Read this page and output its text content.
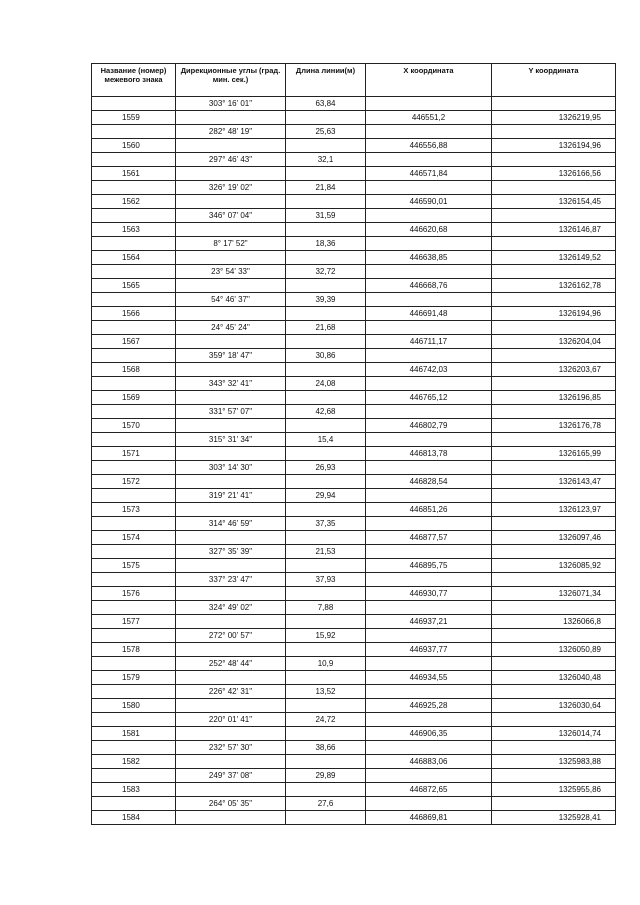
Название (номер) межевого знака	Дирекционные углы (град. мин. сек.)	Длина линии(м)	X координата	Y координата
	303° 16' 01"	63,84		
1559			446551,2	1326219,95
	282° 48' 19"	25,63		
1560			446556,88	1326194,96
	297° 46' 43"	32,1		
1561			446571,84	1326166,56
	326° 19' 02"	21,84		
1562			446590,01	1326154,45
	346° 07' 04"	31,59		
1563			446620,68	1326146,87
	8° 17' 52"	18,36		
1564			446638,85	1326149,52
	23° 54' 33"	32,72		
1565			446668,76	1326162,78
	54° 46' 37"	39,39		
1566			446691,48	1326194,96
	24° 45' 24"	21,68		
1567			446711,17	1326204,04
	359° 18' 47"	30,86		
1568			446742,03	1326203,67
	343° 32' 41"	24,08		
1569			446765,12	1326196,85
	331° 57' 07"	42,68		
1570			446802,79	1326176,78
	315° 31' 34"	15,4		
1571			446813,78	1326165,99
	303° 14' 30"	26,93		
1572			446828,54	1326143,47
	319° 21' 41"	29,94		
1573			446851,26	1326123,97
	314° 46' 59"	37,35		
1574			446877,57	1326097,46
	327° 35' 39"	21,53		
1575			446895,75	1326085,92
	337° 23' 47"	37,93		
1576			446930,77	1326071,34
	324° 49' 02"	7,88		
1577			446937,21	1326066,8
	272° 00' 57"	15,92		
1578			446937,77	1326050,89
	252° 48' 44"	10,9		
1579			446934,55	1326040,48
	226° 42' 31"	13,52		
1580			446925,28	1326030,64
	220° 01' 41"	24,72		
1581			446906,35	1326014,74
	232° 57' 30"	38,66		
1582			446883,06	1325983,88
	249° 37' 08"	29,89		
1583			446872,65	1325955,86
	264° 05' 35"	27,6		
1584			446869,81	1325928,41
